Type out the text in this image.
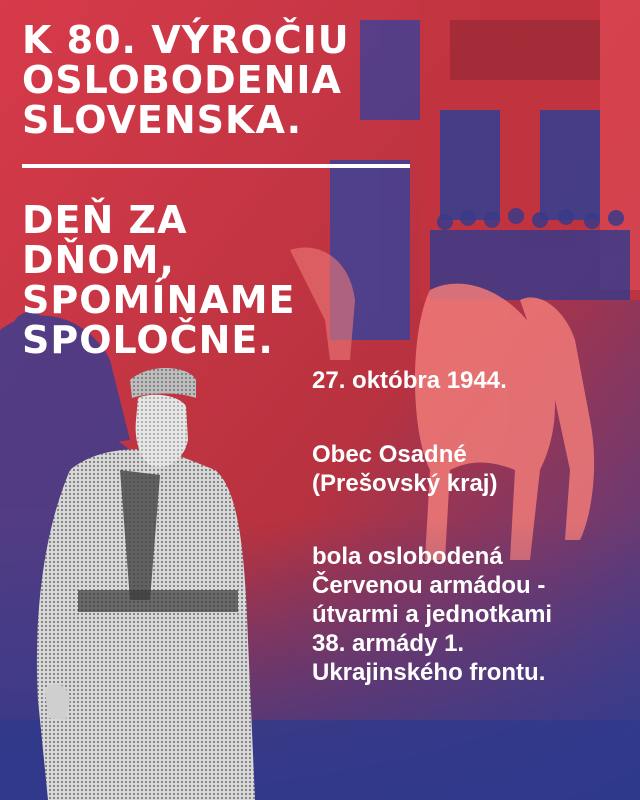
K 80. VÝROČIU
OSLOBODENIA
SLOVENSKA.
DEŇ ZA
DŇOM,
SPOMÍNAME
SPOLOČNE.

27. októbra 1944.

Obec Osadné
(Prešovský kraj)

bola oslobodená
Červenou armádou -
útvarmi a jednotkami
38. armády 1.
Ukrajinského frontu.
